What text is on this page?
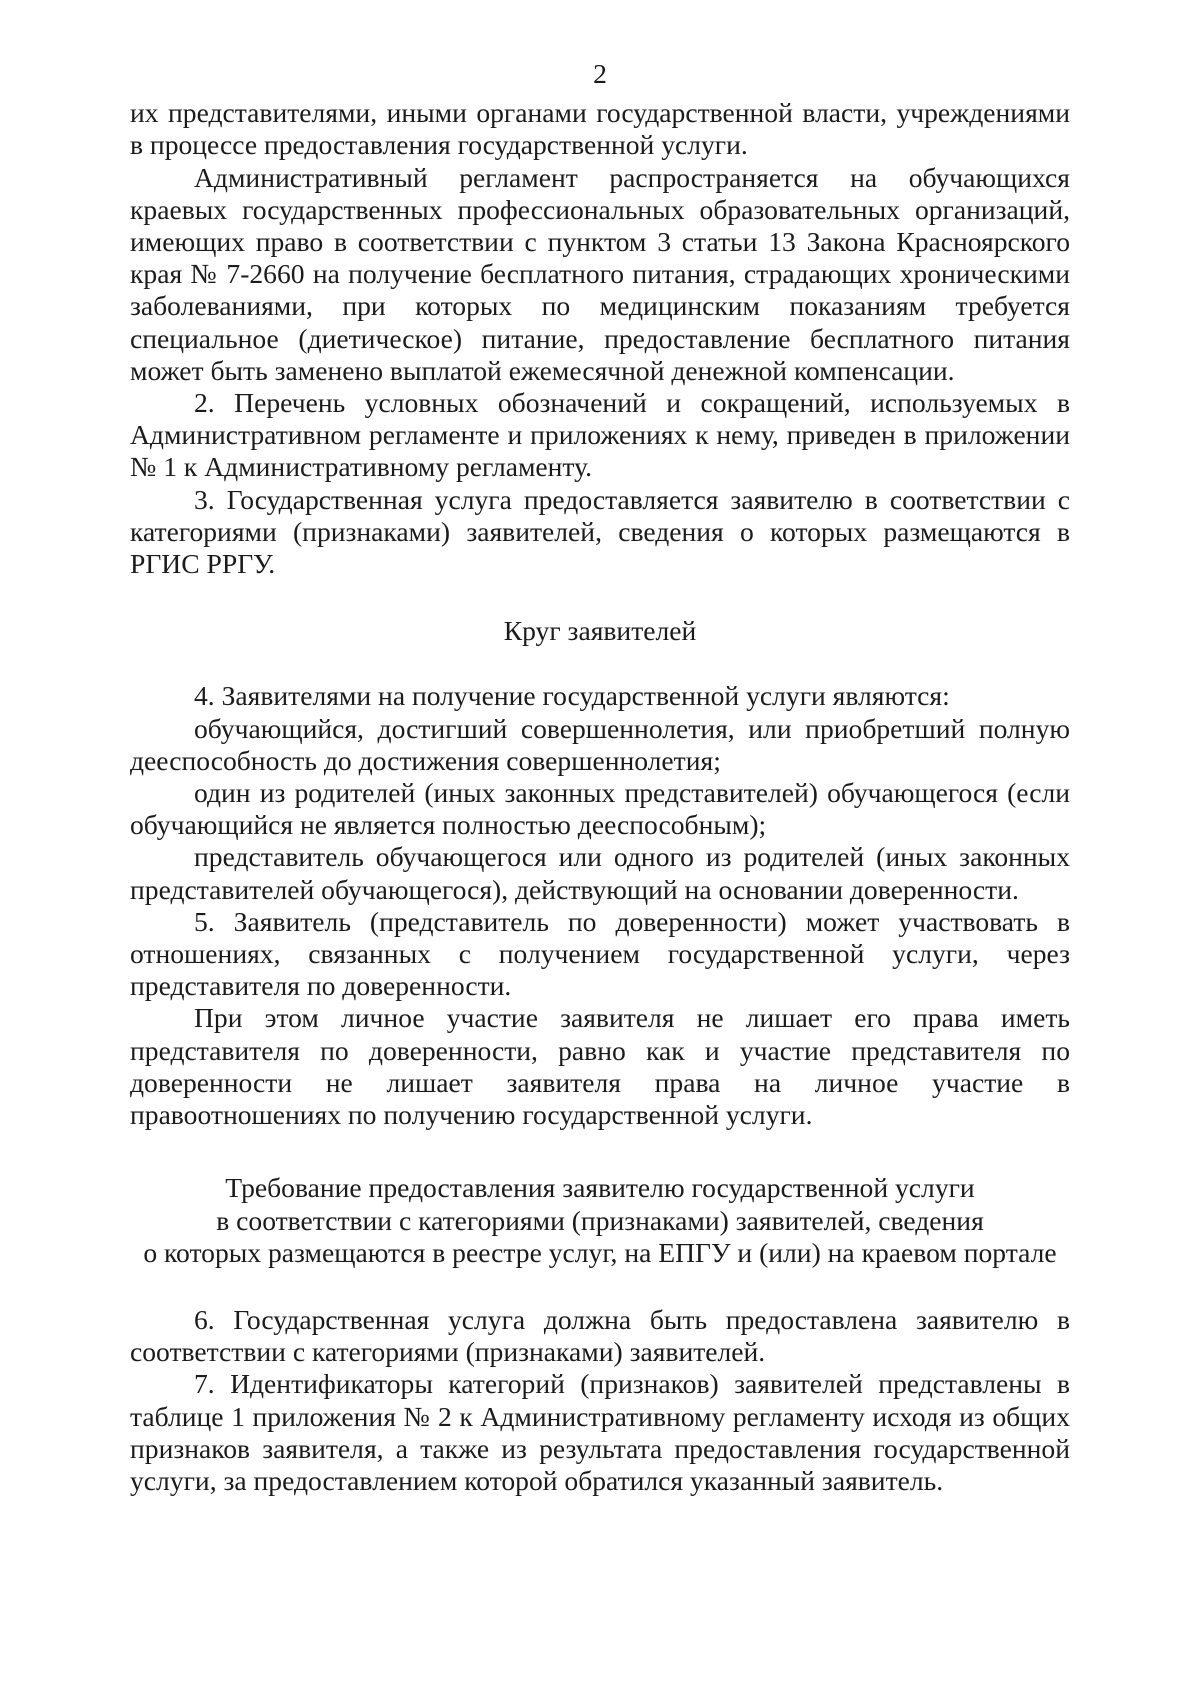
2

их представителями, иными органами государственной власти, учреждениями в процессе предоставления государственной услуги.

Административный регламент распространяется на обучающихся краевых государственных профессиональных образовательных организаций, имеющих право в соответствии с пунктом 3 статьи 13 Закона Красноярского края № 7-2660 на получение бесплатного питания, страдающих хроническими заболеваниями, при которых по медицинским показаниям требуется специальное (диетическое) питание, предоставление бесплатного питания может быть заменено выплатой ежемесячной денежной компенсации.

2. Перечень условных обозначений и сокращений, используемых в Административном регламенте и приложениях к нему, приведен в приложении № 1 к Административному регламенту.

3. Государственная услуга предоставляется заявителю в соответствии с категориями (признаками) заявителей, сведения о которых размещаются в РГИС РРГУ.

Круг заявителей

4. Заявителями на получение государственной услуги являются:

обучающийся, достигший совершеннолетия, или приобретший полную дееспособность до достижения совершеннолетия;

один из родителей (иных законных представителей) обучающегося (если обучающийся не является полностью дееспособным);

представитель обучающегося или одного из родителей (иных законных представителей обучающегося), действующий на основании доверенности.

5. Заявитель (представитель по доверенности) может участвовать в отношениях, связанных с получением государственной услуги, через представителя по доверенности.

При этом личное участие заявителя не лишает его права иметь представителя по доверенности, равно как и участие представителя по доверенности не лишает заявителя права на личное участие в правоотношениях по получению государственной услуги.

Требование предоставления заявителю государственной услуги

в соответствии с категориями (признаками) заявителей, сведения

о которых размещаются в реестре услуг, на ЕПГУ и (или) на краевом портале

6. Государственная услуга должна быть предоставлена заявителю в соответствии с категориями (признаками) заявителей.

7. Идентификаторы категорий (признаков) заявителей представлены в таблице 1 приложения № 2 к Административному регламенту исходя из общих признаков заявителя, а также из результата предоставления государственной услуги, за предоставлением которой обратился указанный заявитель.
